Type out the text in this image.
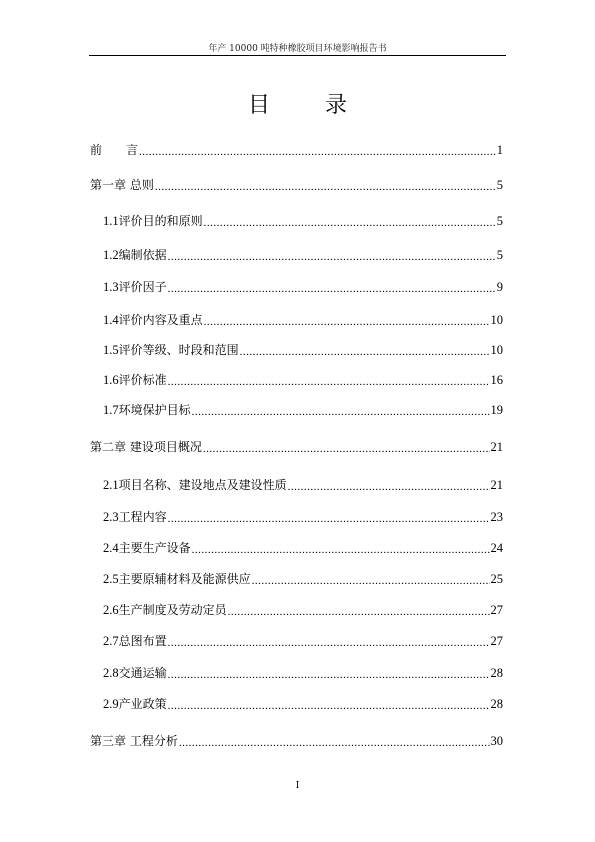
年产 10000 吨特种橡胶项目环境影响报告书
目 录
前　　言 .....	1
第一章 总则 .....	5
1.1 评价目的和原则 .....	5
1.2 编制依据 .....	5
1.3 评价因子 .....	9
1.4 评价内容及重点 .....	10
1.5 评价等级、时段和范围 .....	10
1.6 评价标准 .....	16
1.7 环境保护目标 .....	19
第二章 建设项目概况 .....	21
2.1 项目名称、建设地点及建设性质 .....	21
2.3 工程内容 .....	23
2.4 主要生产设备 .....	24
2.5 主要原辅材料及能源供应 .....	25
2.6 生产制度及劳动定员 .....	27
2.7 总图布置 .....	27
2.8 交通运输 .....	28
2.9 产业政策 .....	28
第三章 工程分析 .....	30
I
